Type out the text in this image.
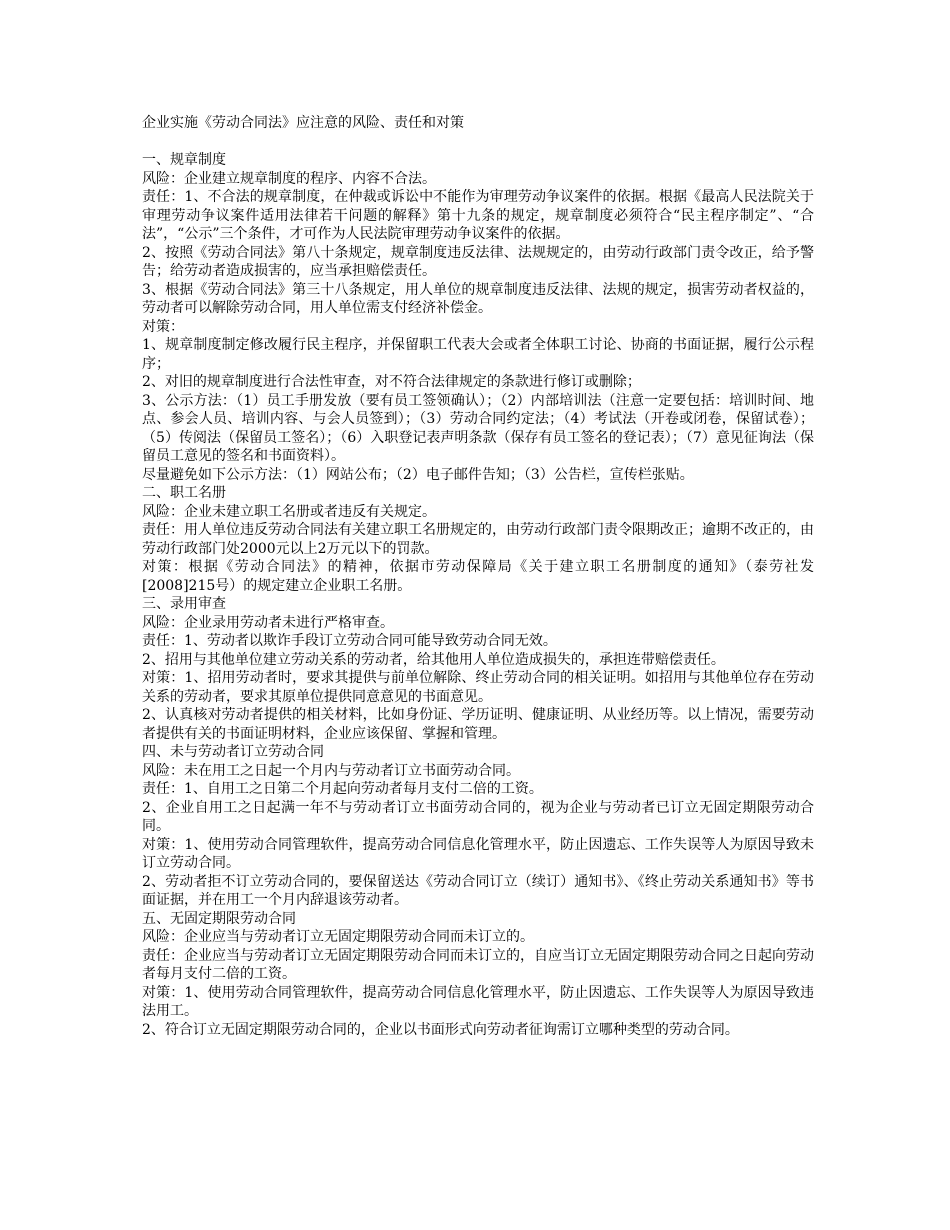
企业实施《劳动合同法》应注意的风险、责任和对策

一、规章制度

风险：企业建立规章制度的程序、内容不合法。

责任：1、不合法的规章制度，在仲裁或诉讼中不能作为审理劳动争议案件的依据。根据《最高人民法院关于审理劳动争议案件适用法律若干问题的解释》第十九条的规定，规章制度必须符合“民主程序制定”、“合法”，“公示”三个条件，才可作为人民法院审理劳动争议案件的依据。

2、按照《劳动合同法》第八十条规定，规章制度违反法律、法规规定的，由劳动行政部门责令改正，给予警告；给劳动者造成损害的，应当承担赔偿责任。

3、根据《劳动合同法》第三十八条规定，用人单位的规章制度违反法律、法规的规定，损害劳动者权益的，劳动者可以解除劳动合同，用人单位需支付经济补偿金。

对策：

1、规章制度制定修改履行民主程序，并保留职工代表大会或者全体职工讨论、协商的书面证据，履行公示程序；

2、对旧的规章制度进行合法性审查，对不符合法律规定的条款进行修订或删除；

3、公示方法：（1）员工手册发放（要有员工签领确认）；（2）内部培训法（注意一定要包括：培训时间、地点、参会人员、培训内容、与会人员签到）；（3）劳动合同约定法；（4）考试法（开卷或闭卷，保留试卷）；（5）传阅法（保留员工签名）；（6）入职登记表声明条款（保存有员工签名的登记表）；（7）意见征询法（保留员工意见的签名和书面资料）。

尽量避免如下公示方法：（1）网站公布；（2）电子邮件告知；（3）公告栏，宣传栏张贴。

二、职工名册

风险：企业未建立职工名册或者违反有关规定。

责任：用人单位违反劳动合同法有关建立职工名册规定的，由劳动行政部门责令限期改正；逾期不改正的，由劳动行政部门处2000元以上2万元以下的罚款。

对策：根据《劳动合同法》的精神，依据市劳动保障局《关于建立职工名册制度的通知》（泰劳社发[2008]215号）的规定建立企业职工名册。

三、录用审查

风险：企业录用劳动者未进行严格审查。

责任：1、劳动者以欺诈手段订立劳动合同可能导致劳动合同无效。

2、招用与其他单位建立劳动关系的劳动者，给其他用人单位造成损失的，承担连带赔偿责任。

对策：1、招用劳动者时，要求其提供与前单位解除、终止劳动合同的相关证明。如招用与其他单位存在劳动关系的劳动者，要求其原单位提供同意意见的书面意见。

2、认真核对劳动者提供的相关材料，比如身份证、学历证明、健康证明、从业经历等。以上情况，需要劳动者提供有关的书面证明材料，企业应该保留、掌握和管理。

四、未与劳动者订立劳动合同

风险：未在用工之日起一个月内与劳动者订立书面劳动合同。

责任：1、自用工之日第二个月起向劳动者每月支付二倍的工资。

2、企业自用工之日起满一年不与劳动者订立书面劳动合同的，视为企业与劳动者已订立无固定期限劳动合同。

对策：1、使用劳动合同管理软件，提高劳动合同信息化管理水平，防止因遗忘、工作失误等人为原因导致未订立劳动合同。

2、劳动者拒不订立劳动合同的，要保留送达《劳动合同订立（续订）通知书》、《终止劳动关系通知书》等书面证据，并在用工一个月内辞退该劳动者。

五、无固定期限劳动合同

风险：企业应当与劳动者订立无固定期限劳动合同而未订立的。

责任：企业应当与劳动者订立无固定期限劳动合同而未订立的，自应当订立无固定期限劳动合同之日起向劳动者每月支付二倍的工资。

对策：1、使用劳动合同管理软件，提高劳动合同信息化管理水平，防止因遗忘、工作失误等人为原因导致违法用工。

2、符合订立无固定期限劳动合同的，企业以书面形式向劳动者征询需订立哪种类型的劳动合同。
